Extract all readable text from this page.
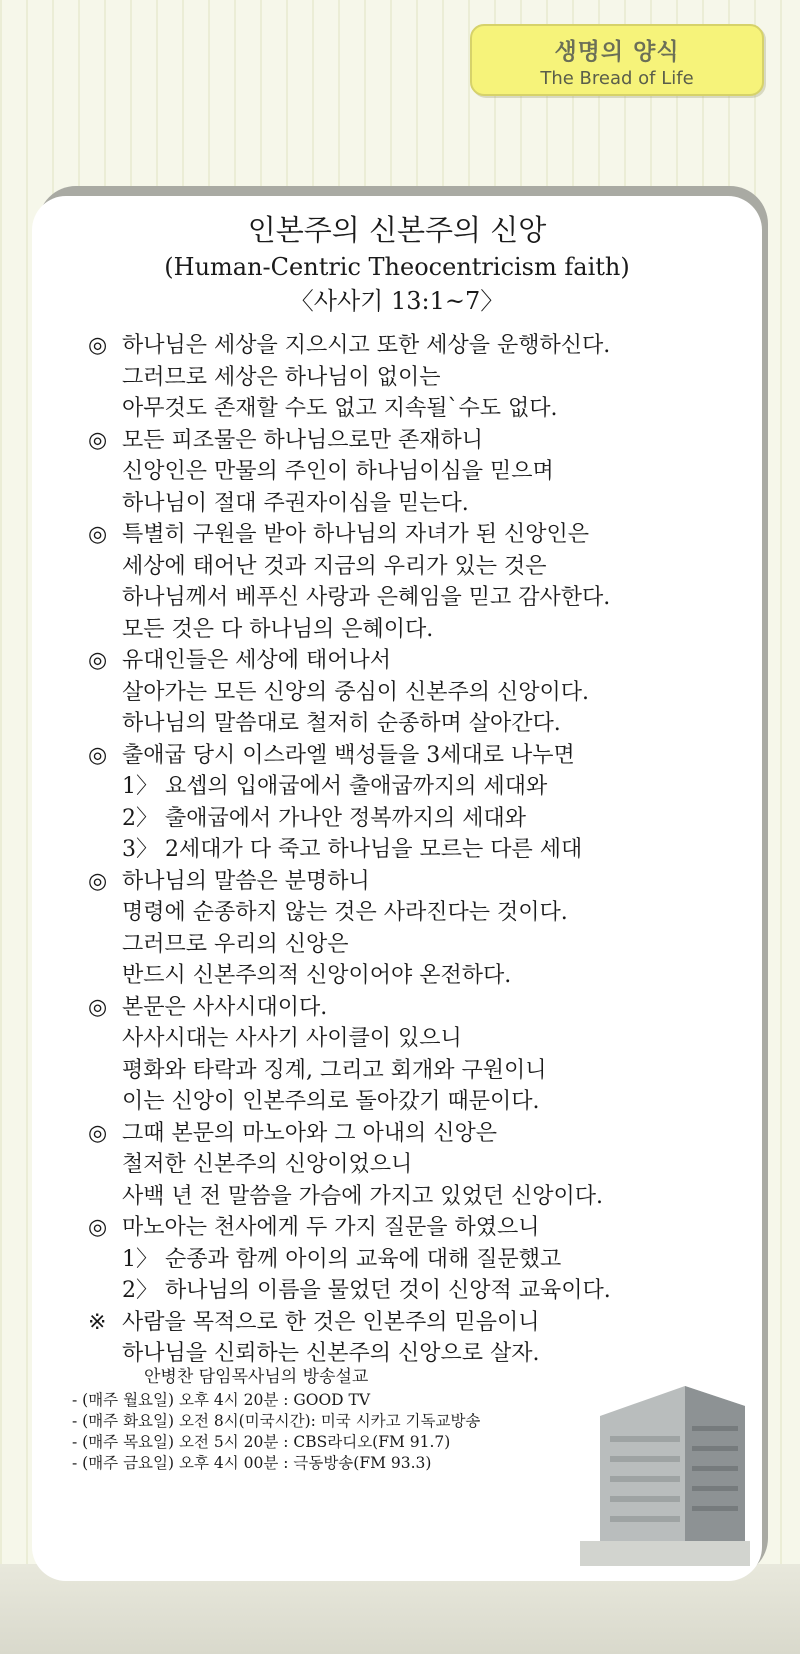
생명의 양식
The Bread of Life
인본주의 신본주의 신앙
(Human-Centric Theocentricism faith)
〈사사기 13:1~7〉
◎ 하나님은 세상을 지으시고 또한 세상을 운행하신다.
그러므로 세상은 하나님이 없이는
아무것도 존재할 수도 없고 지속될`수도 없다.
◎ 모든 피조물은 하나님으로만 존재하니
신앙인은 만물의 주인이 하나님이심을 믿으며
하나님이 절대 주권자이심을 믿는다.
◎ 특별히 구원을 받아 하나님의 자녀가 된 신앙인은
세상에 태어난 것과 지금의 우리가 있는 것은
하나님께서 베푸신 사랑과 은혜임을 믿고 감사한다.
모든 것은 다 하나님의 은혜이다.
◎ 유대인들은 세상에 태어나서
살아가는 모든 신앙의 중심이 신본주의 신앙이다.
하나님의 말씀대로 철저히 순종하며 살아간다.
◎ 출애굽 당시 이스라엘 백성들을 3세대로 나누면
1〉 요셉의 입애굽에서 출애굽까지의 세대와
2〉 출애굽에서 가나안 정복까지의 세대와
3〉 2세대가 다 죽고 하나님을 모르는 다른 세대
◎ 하나님의 말씀은 분명하니
명령에 순종하지 않는 것은 사라진다는 것이다.
그러므로 우리의 신앙은
반드시 신본주의적 신앙이어야 온전하다.
◎ 본문은 사사시대이다.
사사시대는 사사기 사이클이 있으니
평화와 타락과 징계, 그리고 회개와 구원이니
이는 신앙이 인본주의로 돌아갔기 때문이다.
◎ 그때 본문의 마노아와 그 아내의 신앙은
철저한 신본주의 신앙이었으니
사백 년 전 말씀을 가슴에 가지고 있었던 신앙이다.
◎ 마노아는 천사에게 두 가지 질문을 하였으니
1〉 순종과 함께 아이의 교육에 대해 질문했고
2〉 하나님의 이름을 물었던 것이 신앙적 교육이다.
※ 사람을 목적으로 한 것은 인본주의 믿음이니
하나님을 신뢰하는 신본주의 신앙으로 살자.
안병찬 담임목사님의 방송설교
- (매주 월요일) 오후 4시 20분 : GOOD TV
- (매주 화요일) 오전 8시(미국시간): 미국 시카고 기독교방송
- (매주 목요일) 오전 5시 20분 : CBS라디오(FM 91.7)
- (매주 금요일) 오후 4시 00분 : 극동방송(FM 93.3)
